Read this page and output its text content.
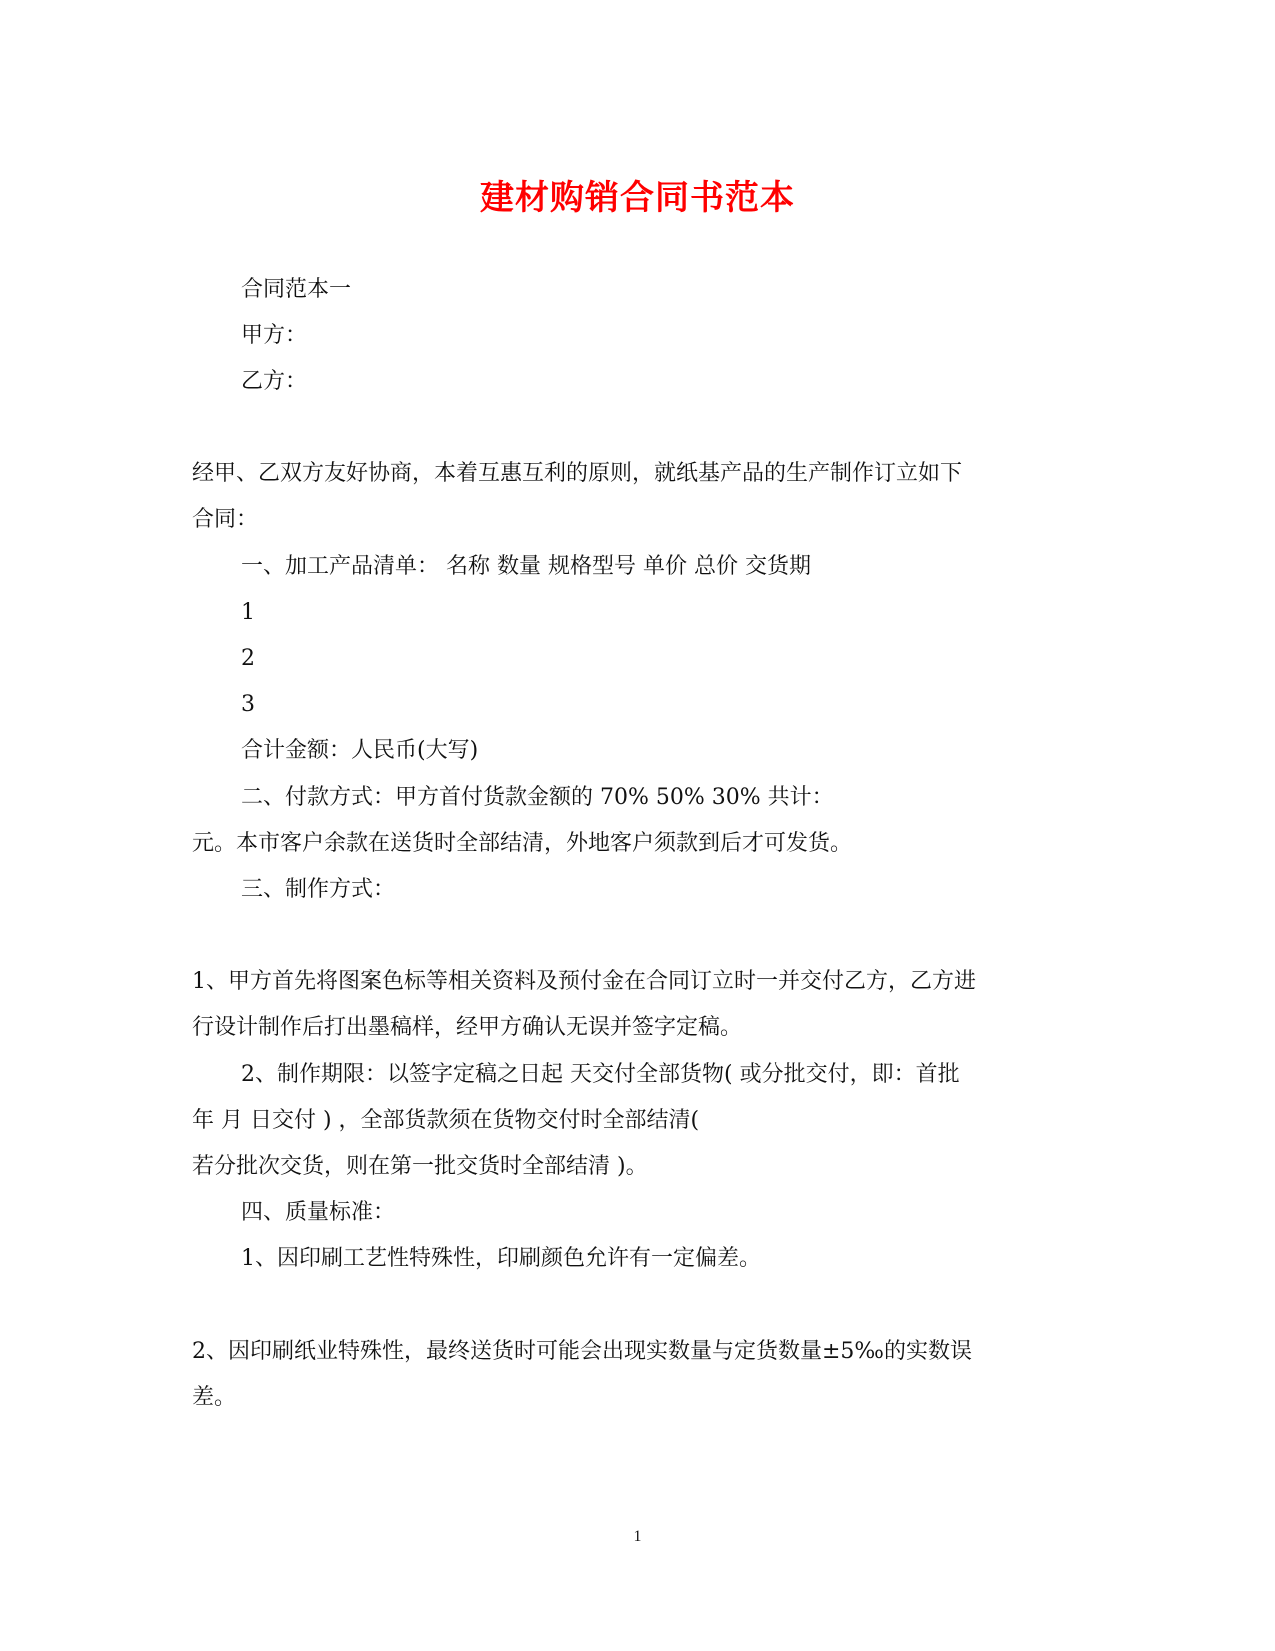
建材购销合同书范本
合同范本一
甲方：
乙方：
经甲、乙双方友好协商，本着互惠互利的原则，就纸基产品的生产制作订立如下
合同：
一、加工产品清单： 名称 数量 规格型号 单价 总价 交货期
1
2
3
合计金额：人民币(大写)
二、付款方式：甲方首付货款金额的 70% 50% 30% 共计：
元。本市客户余款在送货时全部结清，外地客户须款到后才可发货。
三、制作方式：
1、甲方首先将图案色标等相关资料及预付金在合同订立时一并交付乙方，乙方进
行设计制作后打出墨稿样，经甲方确认无误并签字定稿。
2、制作期限：以签字定稿之日起 天交付全部货物( 或分批交付，即：首批
年 月 日交付 ) ，全部货款须在货物交付时全部结清(
若分批次交货，则在第一批交货时全部结清 )。
四、质量标准：
1、因印刷工艺性特殊性，印刷颜色允许有一定偏差。
2、因印刷纸业特殊性，最终送货时可能会出现实数量与定货数量±5‰的实数误
差。
1
